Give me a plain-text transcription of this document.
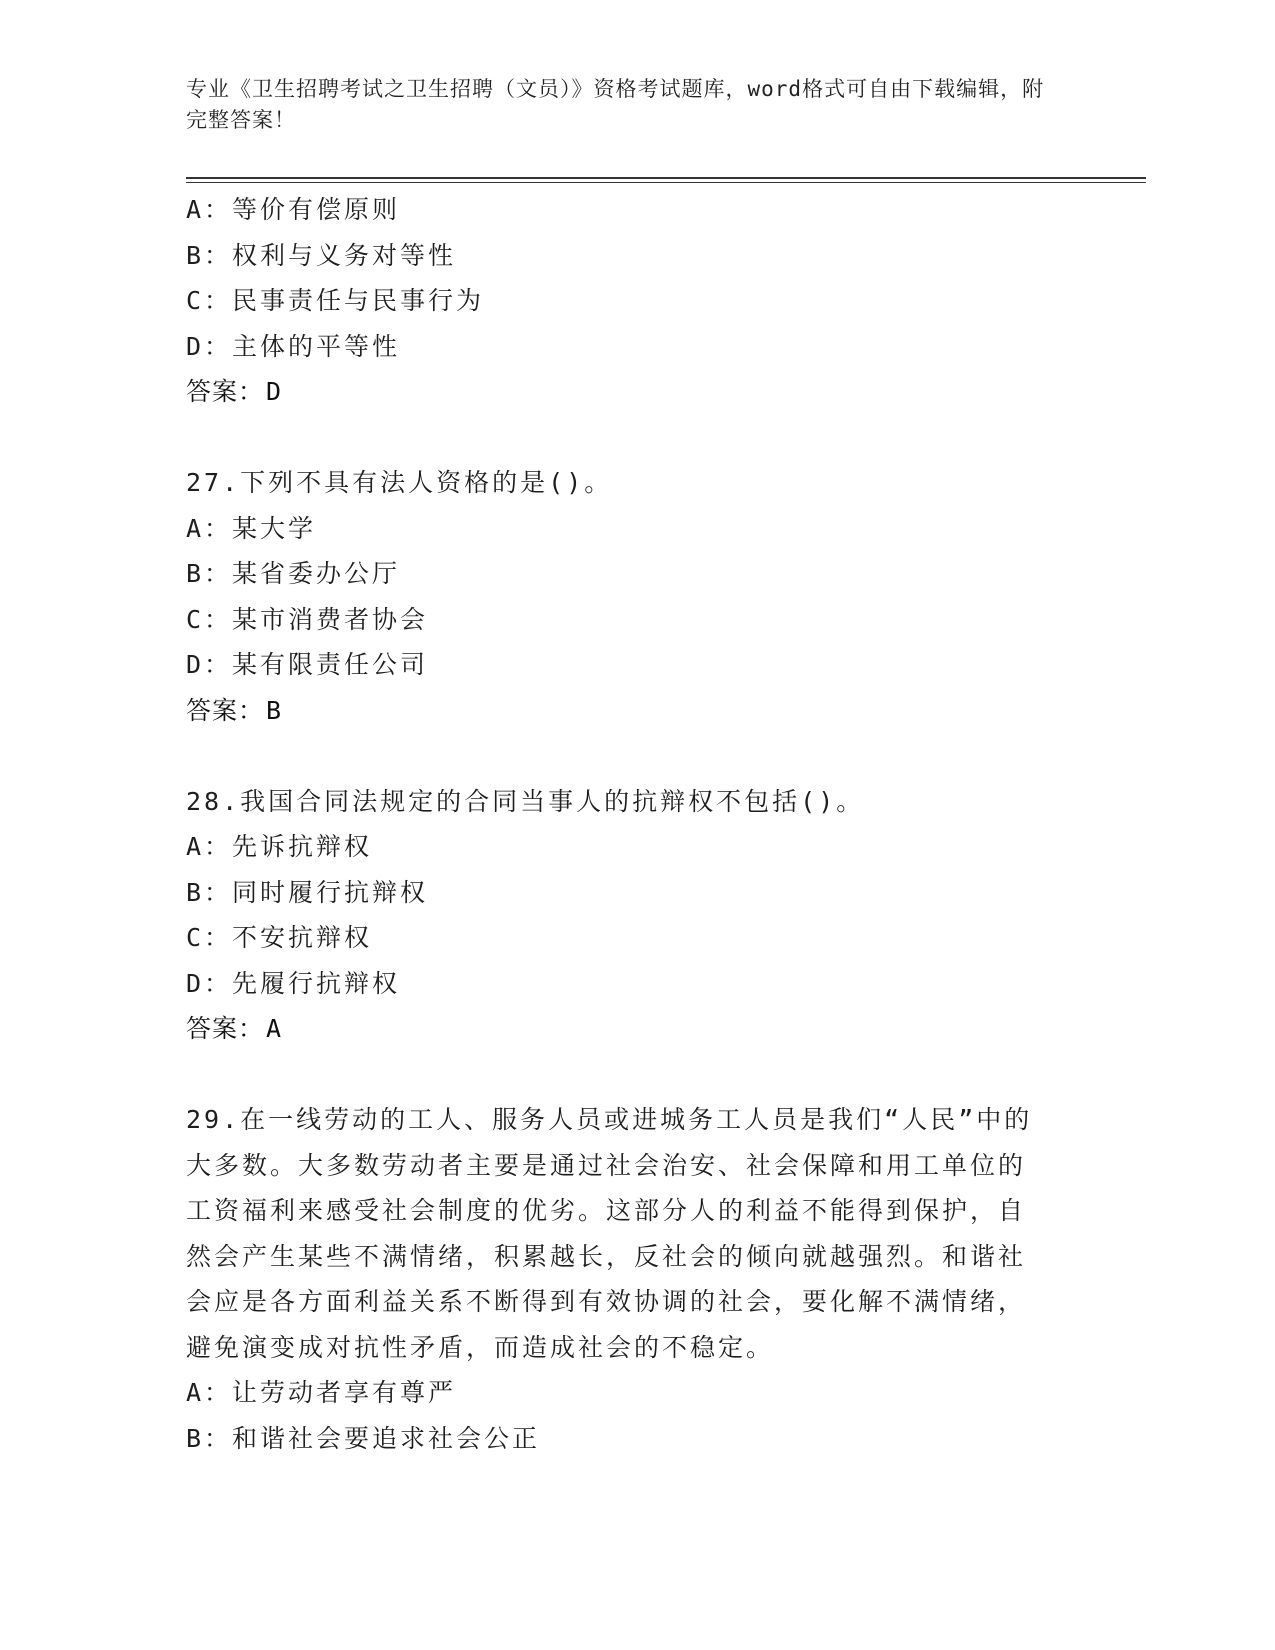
专业《卫生招聘考试之卫生招聘（文员）》资格考试题库，word格式可自由下载编辑，附完整答案！
A：等价有偿原则
B：权利与义务对等性
C：民事责任与民事行为
D：主体的平等性
答案：D
27.下列不具有法人资格的是()。
A：某大学
B：某省委办公厅
C：某市消费者协会
D：某有限责任公司
答案：B
28.我国合同法规定的合同当事人的抗辩权不包括()。
A：先诉抗辩权
B：同时履行抗辩权
C：不安抗辩权
D：先履行抗辩权
答案：A
29.在一线劳动的工人、服务人员或进城务工人员是我们“人民”中的
大多数。大多数劳动者主要是通过社会治安、社会保障和用工单位的
工资福利来感受社会制度的优劣。这部分人的利益不能得到保护，自
然会产生某些不满情绪，积累越长，反社会的倾向就越强烈。和谐社
会应是各方面利益关系不断得到有效协调的社会，要化解不满情绪，
避免演变成对抗性矛盾，而造成社会的不稳定。
A：让劳动者享有尊严
B：和谐社会要追求社会公正
